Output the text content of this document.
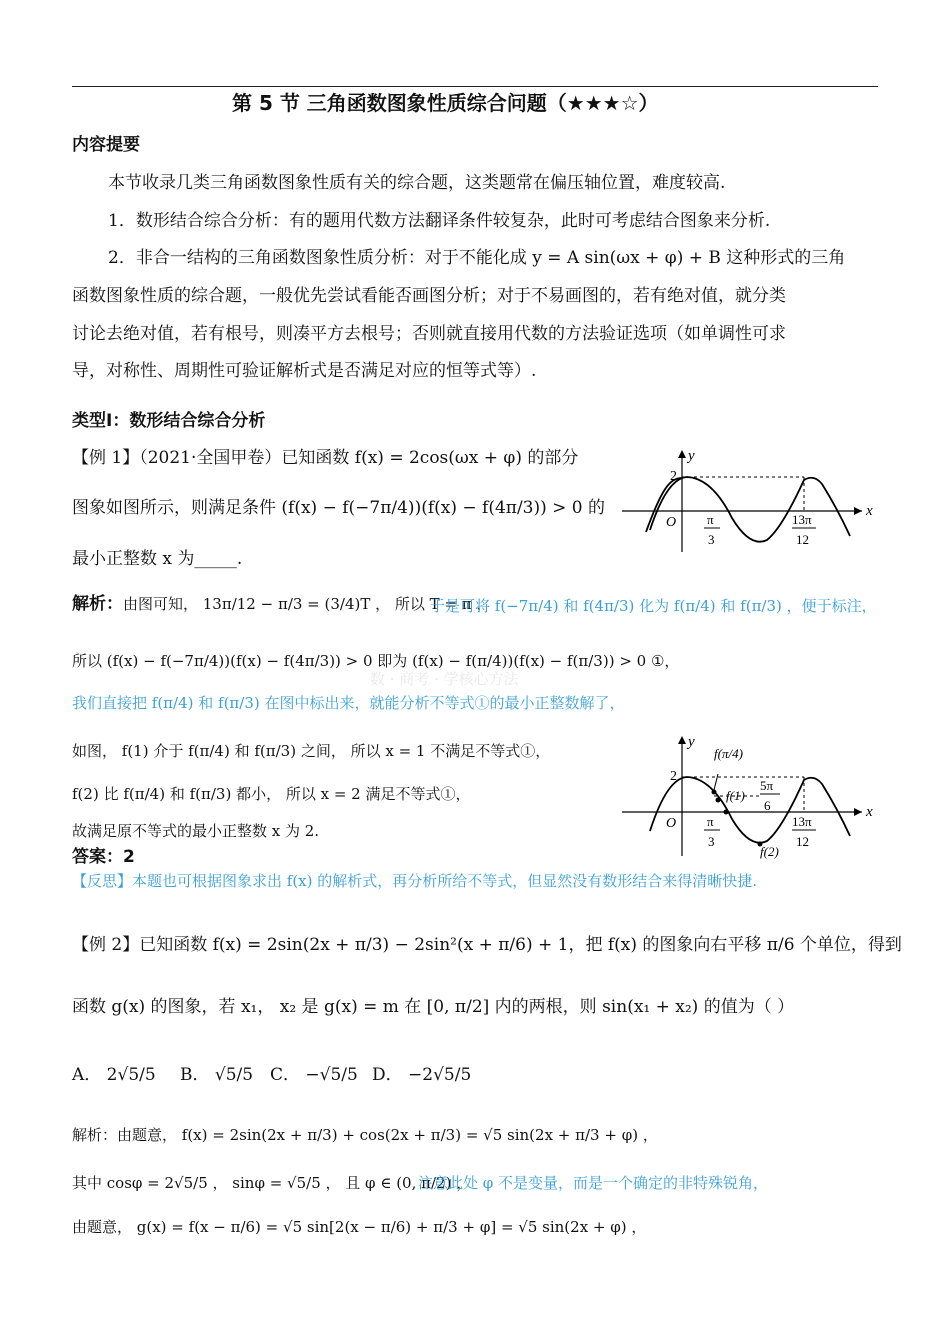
第 5 节 三角函数图象性质综合问题（★★★☆）
内容提要
本节收录几类三角函数图象性质有关的综合题，这类题常在偏压轴位置，难度较高.
1．数形结合综合分析：有的题用代数方法翻译条件较复杂，此时可考虑结合图象来分析.
2．非合一结构的三角函数图象性质分析：对于不能化成 y = A sin(ωx + φ) + B 这种形式的三角
函数图象性质的综合题，一般优先尝试看能否画图分析；对于不易画图的，若有绝对值，就分类
讨论去绝对值，若有根号，则凑平方去根号；否则就直接用代数的方法验证选项（如单调性可求
导，对称性、周期性可验证解析式是否满足对应的恒等式等）.
类型Ⅰ：数形结合综合分析
【例 1】（2021·全国甲卷）已知函数 f(x) = 2cos(ωx + φ) 的部分
图象如图所示，则满足条件 (f(x) − f(−7π/4))(f(x) − f(4π/3)) > 0 的
最小正整数 x 为_____.
y
x
O
2
π
3
13π
12
解析：由图可知， 13π/12 − π/3 = (3/4)T ， 所以 T = π ，
于是可将 f(−7π/4) 和 f(4π/3) 化为 f(π/4) 和 f(π/3) ，便于标注，
所以 (f(x) − f(−7π/4))(f(x) − f(4π/3)) > 0 即为 (f(x) − f(π/4))(f(x) − f(π/3)) > 0 ①，
数 · 商考 · 学核心方法
我们直接把 f(π/4) 和 f(π/3) 在图中标出来，就能分析不等式①的最小正整数解了，
如图， f(1) 介于 f(π/4) 和 f(π/3) 之间， 所以 x = 1 不满足不等式①，
f(2) 比 f(π/4) 和 f(π/3) 都小， 所以 x = 2 满足不等式①，
故满足原不等式的最小正整数 x 为 2.
答案：2
【反思】本题也可根据图象求出 f(x) 的解析式，再分析所给不等式，但显然没有数形结合来得清晰快捷.
y
x
O
2
f(π/4)
f(1)
f(2)
π
3
5π
6
13π
12
【例 2】已知函数 f(x) = 2sin(2x + π/3) − 2sin²(x + π/6) + 1，把 f(x) 的图象向右平移 π/6 个单位，得到
函数 g(x) 的图象，若 x₁， x₂ 是 g(x) = m 在 [0, π/2] 内的两根，则 sin(x₁ + x₂) 的值为（ ）
A． 2√5/5 B． √5/5 C． −√5/5 D． −2√5/5
解析：由题意， f(x) = 2sin(2x + π/3) + cos(2x + π/3) = √5 sin(2x + π/3 + φ) ，
其中 cosφ = 2√5/5 ， sinφ = √5/5 ， 且 φ ∈ (0, π/2) ，
注意此处 φ 不是变量，而是一个确定的非特殊锐角，
由题意， g(x) = f(x − π/6) = √5 sin[2(x − π/6) + π/3 + φ] = √5 sin(2x + φ) ，
